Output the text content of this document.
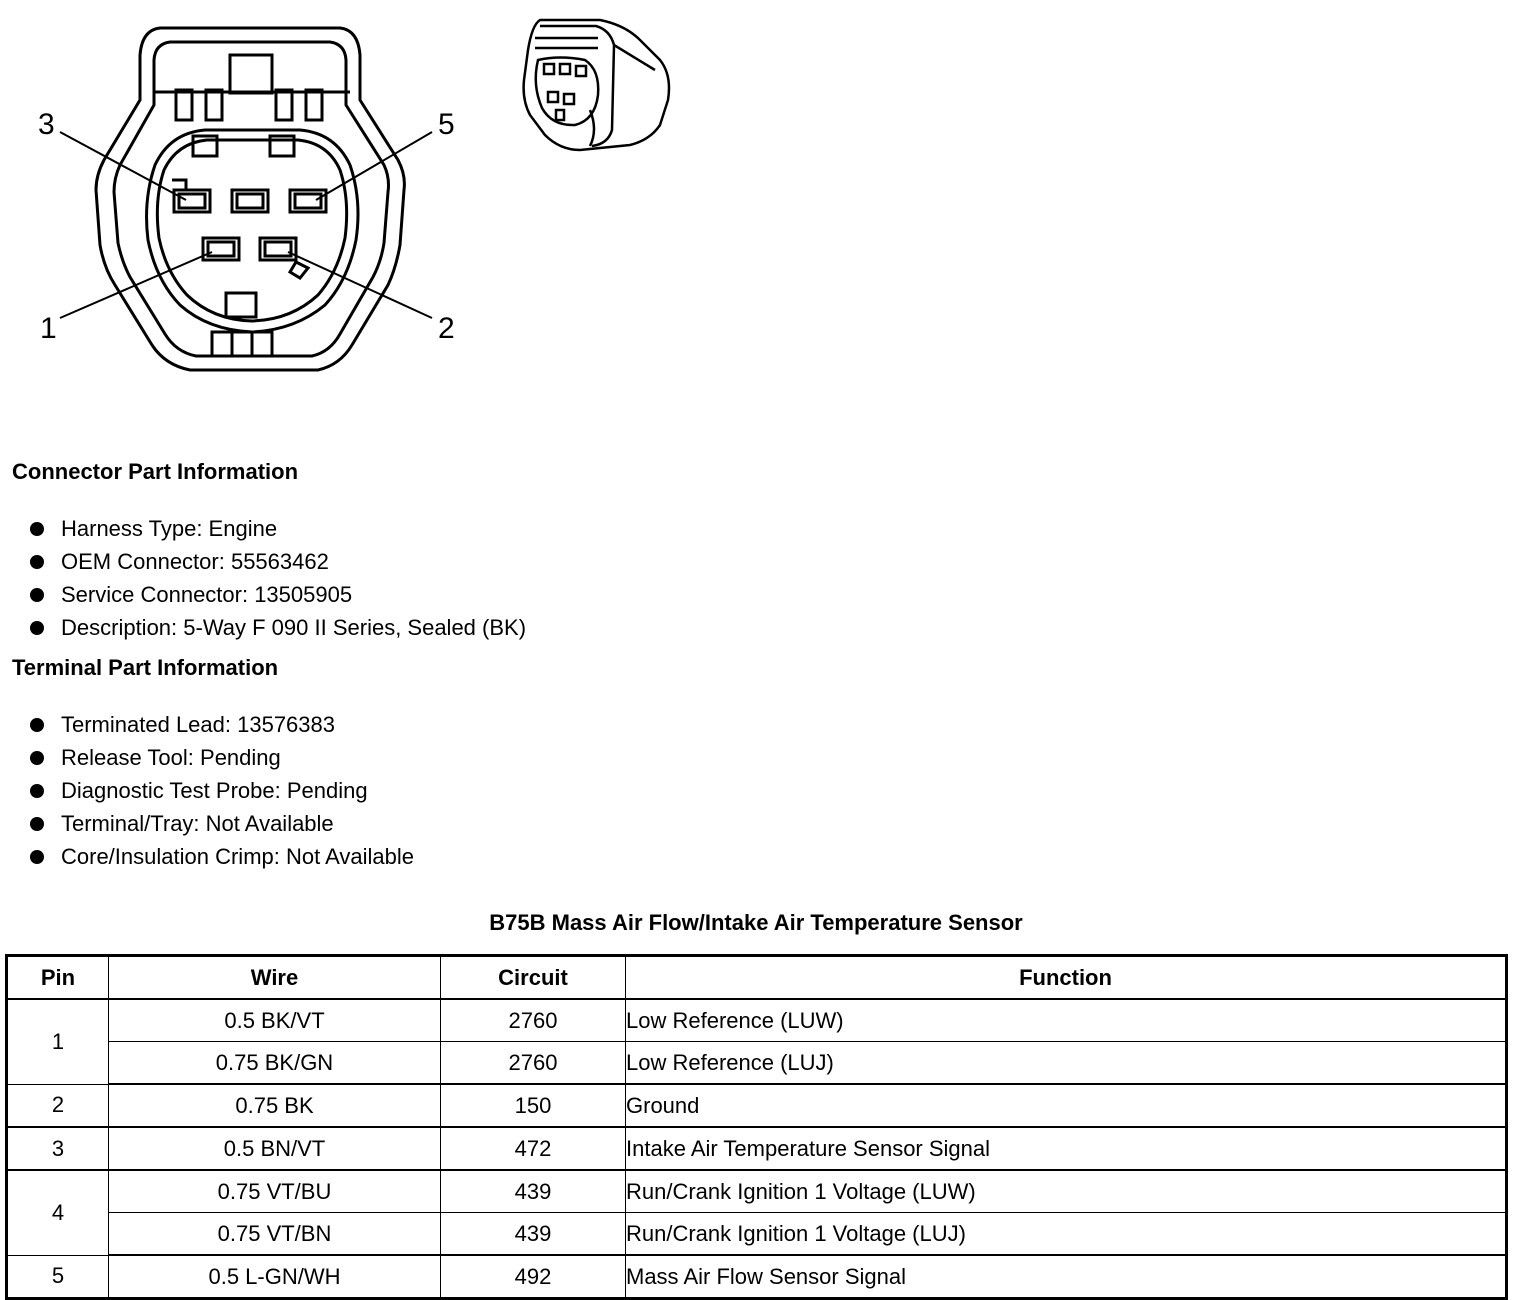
3	5
1	2
Connector Part Information
Harness Type: Engine
OEM Connector: 55563462
Service Connector: 13505905
Description: 5-Way F 090 II Series, Sealed (BK)
Terminal Part Information
Terminated Lead: 13576383
Release Tool: Pending
Diagnostic Test Probe: Pending
Terminal/Tray: Not Available
Core/Insulation Crimp: Not Available
B75B Mass Air Flow/Intake Air Temperature Sensor
Pin	Wire	Circuit	Function
1	0.5 BK/VT	2760	Low Reference (LUW)
	0.75 BK/GN	2760	Low Reference (LUJ)
2	0.75 BK	150	Ground
3	0.5 BN/VT	472	Intake Air Temperature Sensor Signal
4	0.75 VT/BU	439	Run/Crank Ignition 1 Voltage (LUW)
	0.75 VT/BN	439	Run/Crank Ignition 1 Voltage (LUJ)
5	0.5 L-GN/WH	492	Mass Air Flow Sensor Signal
